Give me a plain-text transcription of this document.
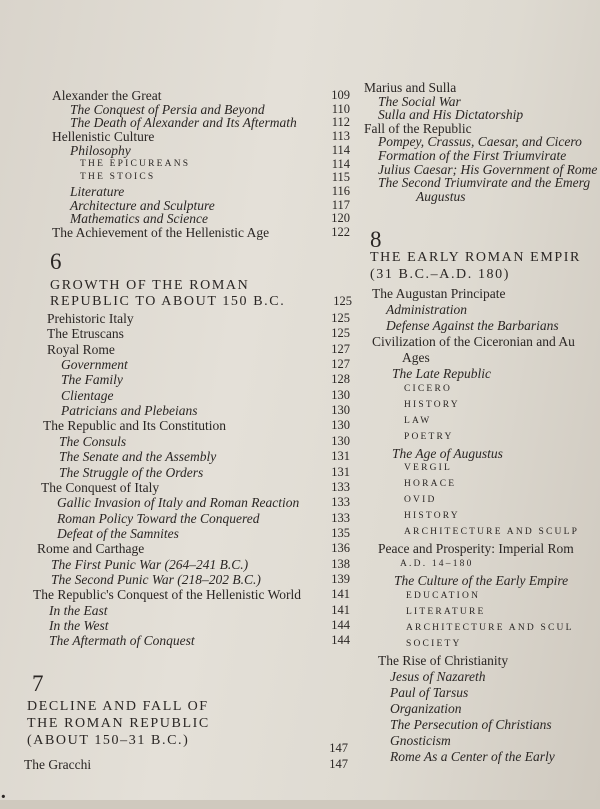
Alexander the Great	109
The Conquest of Persia and Beyond	110
The Death of Alexander and Its Aftermath	112
Hellenistic Culture	113
Philosophy	114
THE EPICUREANS	114
THE STOICS	115
Literature	116
Architecture and Sculpture	117
Mathematics and Science	120
The Achievement of the Hellenistic Age	122
6
GROWTH OF THE ROMAN
REPUBLIC TO ABOUT 150 B.C.	125
Prehistoric Italy	125
The Etruscans	125
Royal Rome	127
Government	127
The Family	128
Clientage	130
Patricians and Plebeians	130
The Republic and Its Constitution	130
The Consuls	130
The Senate and the Assembly	131
The Struggle of the Orders	131
The Conquest of Italy	133
Gallic Invasion of Italy and Roman Reaction	133
Roman Policy Toward the Conquered	133
Defeat of the Samnites	135
Rome and Carthage	136
The First Punic War (264–241 B.C.)	138
The Second Punic War (218–202 B.C.)	139
The Republic's Conquest of the Hellenistic World	141
In the East	141
In the West	144
The Aftermath of Conquest	144
7
DECLINE AND FALL OF
THE ROMAN REPUBLIC
(ABOUT 150–31 B.C.)	147
The Gracchi	147
Marius and Sulla
The Social War
Sulla and His Dictatorship
Fall of the Republic
Pompey, Crassus, Caesar, and Cicero
Formation of the First Triumvirate
Julius Caesar; His Government of Rome
The Second Triumvirate and the Emerg
Augustus
8
THE EARLY ROMAN EMPIR
(31 B.C.–A.D. 180)
The Augustan Principate
Administration
Defense Against the Barbarians
Civilization of the Ciceronian and Au
Ages
The Late Republic
CICERO
HISTORY
LAW
POETRY
The Age of Augustus
VERGIL
HORACE
OVID
HISTORY
ARCHITECTURE AND SCULP
Peace and Prosperity: Imperial Rom
A.D. 14–180
The Culture of the Early Empire
EDUCATION
LITERATURE
ARCHITECTURE AND SCUL
SOCIETY
The Rise of Christianity
Jesus of Nazareth
Paul of Tarsus
Organization
The Persecution of Christians
Gnosticism
Rome As a Center of the Early
·
